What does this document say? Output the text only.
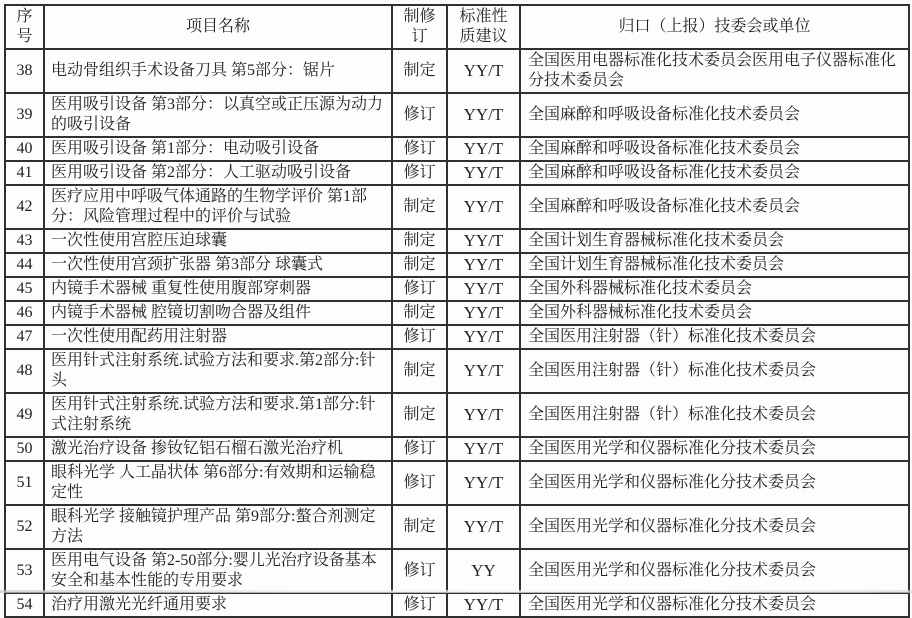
序号	项目名称	制修订	标准性质建议	归口（上报）技委会或单位
38	电动骨组织手术设备刀具 第5部分：锯片	制定	YY/T	全国医用电器标准化技术委员会医用电子仪器标准化分技术委员会
39	医用吸引设备 第3部分：以真空或正压源为动力的吸引设备	修订	YY/T	全国麻醉和呼吸设备标准化技术委员会
40	医用吸引设备 第1部分：电动吸引设备	修订	YY/T	全国麻醉和呼吸设备标准化技术委员会
41	医用吸引设备 第2部分：人工驱动吸引设备	修订	YY/T	全国麻醉和呼吸设备标准化技术委员会
42	医疗应用中呼吸气体通路的生物学评价 第1部分：风险管理过程中的评价与试验	制定	YY/T	全国麻醉和呼吸设备标准化技术委员会
43	一次性使用宫腔压迫球囊	制定	YY/T	全国计划生育器械标准化技术委员会
44	一次性使用宫颈扩张器 第3部分 球囊式	制定	YY/T	全国计划生育器械标准化技术委员会
45	内镜手术器械 重复性使用腹部穿刺器	修订	YY/T	全国外科器械标准化技术委员会
46	内镜手术器械 腔镜切割吻合器及组件	制定	YY/T	全国外科器械标准化技术委员会
47	一次性使用配药用注射器	修订	YY/T	全国医用注射器（针）标准化技术委员会
48	医用针式注射系统.试验方法和要求.第2部分:针头	制定	YY/T	全国医用注射器（针）标准化技术委员会
49	医用针式注射系统.试验方法和要求.第1部分:针式注射系统	制定	YY/T	全国医用注射器（针）标准化技术委员会
50	激光治疗设备 掺钕钇铝石榴石激光治疗机	修订	YY/T	全国医用光学和仪器标准化分技术委员会
51	眼科光学 人工晶状体 第6部分:有效期和运输稳定性	修订	YY/T	全国医用光学和仪器标准化分技术委员会
52	眼科光学 接触镜护理产品 第9部分:螯合剂测定方法	制定	YY/T	全国医用光学和仪器标准化分技术委员会
53	医用电气设备 第2-50部分:婴儿光治疗设备基本安全和基本性能的专用要求	修订	YY	全国医用光学和仪器标准化分技术委员会
54	治疗用激光光纤通用要求	修订	YY/T	全国医用光学和仪器标准化分技术委员会
